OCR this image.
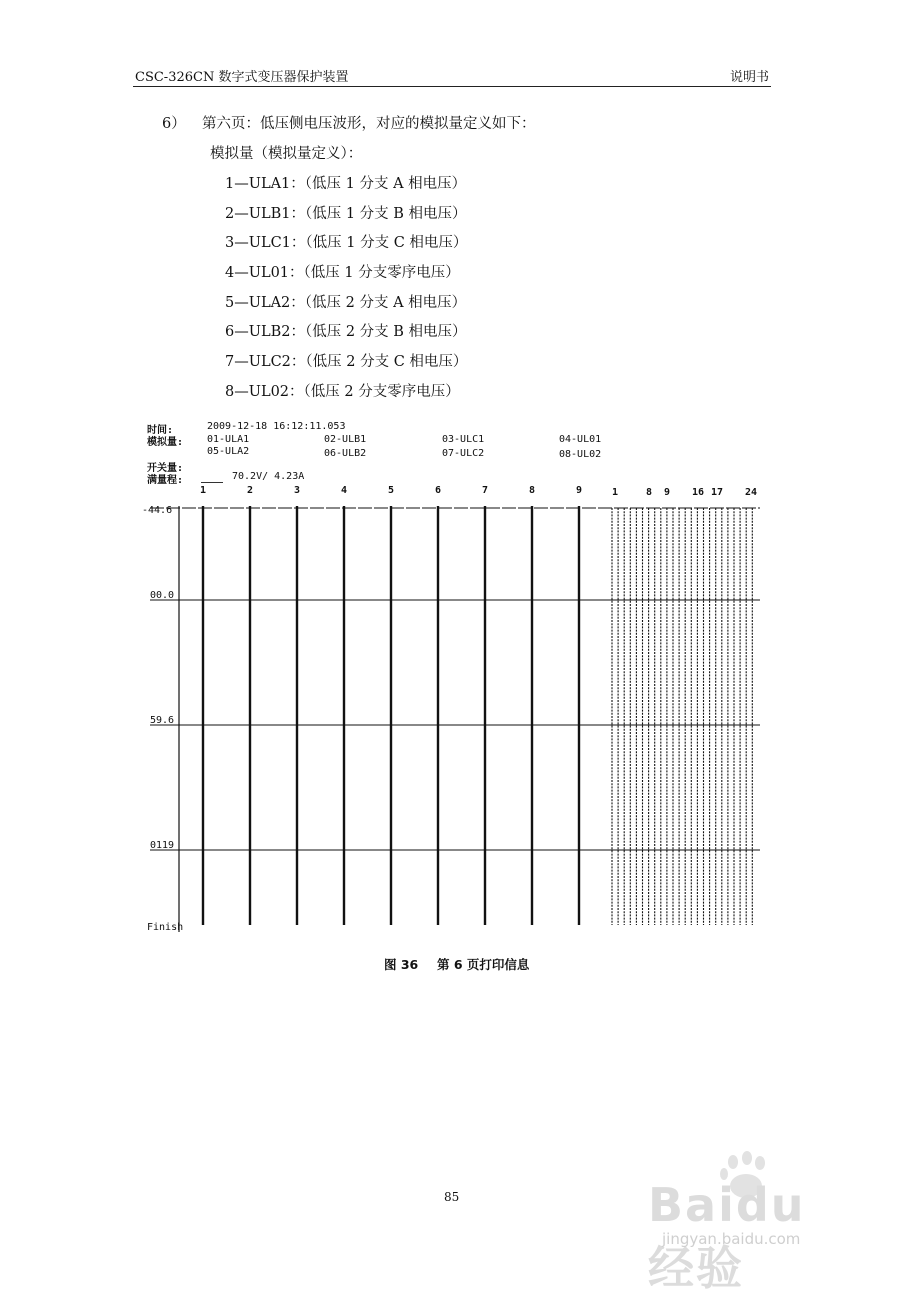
CSC-326CN 数字式变压器保护装置	说明书
6） 第六页：低压侧电压波形，对应的模拟量定义如下：
模拟量（模拟量定义）：
1—ULA1：（低压 1 分支 A 相电压）
2—ULB1：（低压 1 分支 B 相电压）
3—ULC1：（低压 1 分支 C 相电压）
4—UL01：（低压 1 分支零序电压）
5—ULA2：（低压 2 分支 A 相电压）
6—ULB2：（低压 2 分支 B 相电压）
7—ULC2：（低压 2 分支 C 相电压）
8—UL02：（低压 2 分支零序电压）
时间:	2009-12-18 16:12:11.053
模拟量: 01-ULA1	02-ULB1	03-ULC1	04-UL01
05-ULA2	06-ULB2	07-ULC2	08-UL02
开关量:
满量程:	70.2V/ 4.23A
1	2	3	4	5	6	7	8	9	1	8 9 16 17 24
-44.6
00.0
59.6
0119
Finish
图 36 第 6 页打印信息
85	Baidu 经验
jingyan.baidu.com
